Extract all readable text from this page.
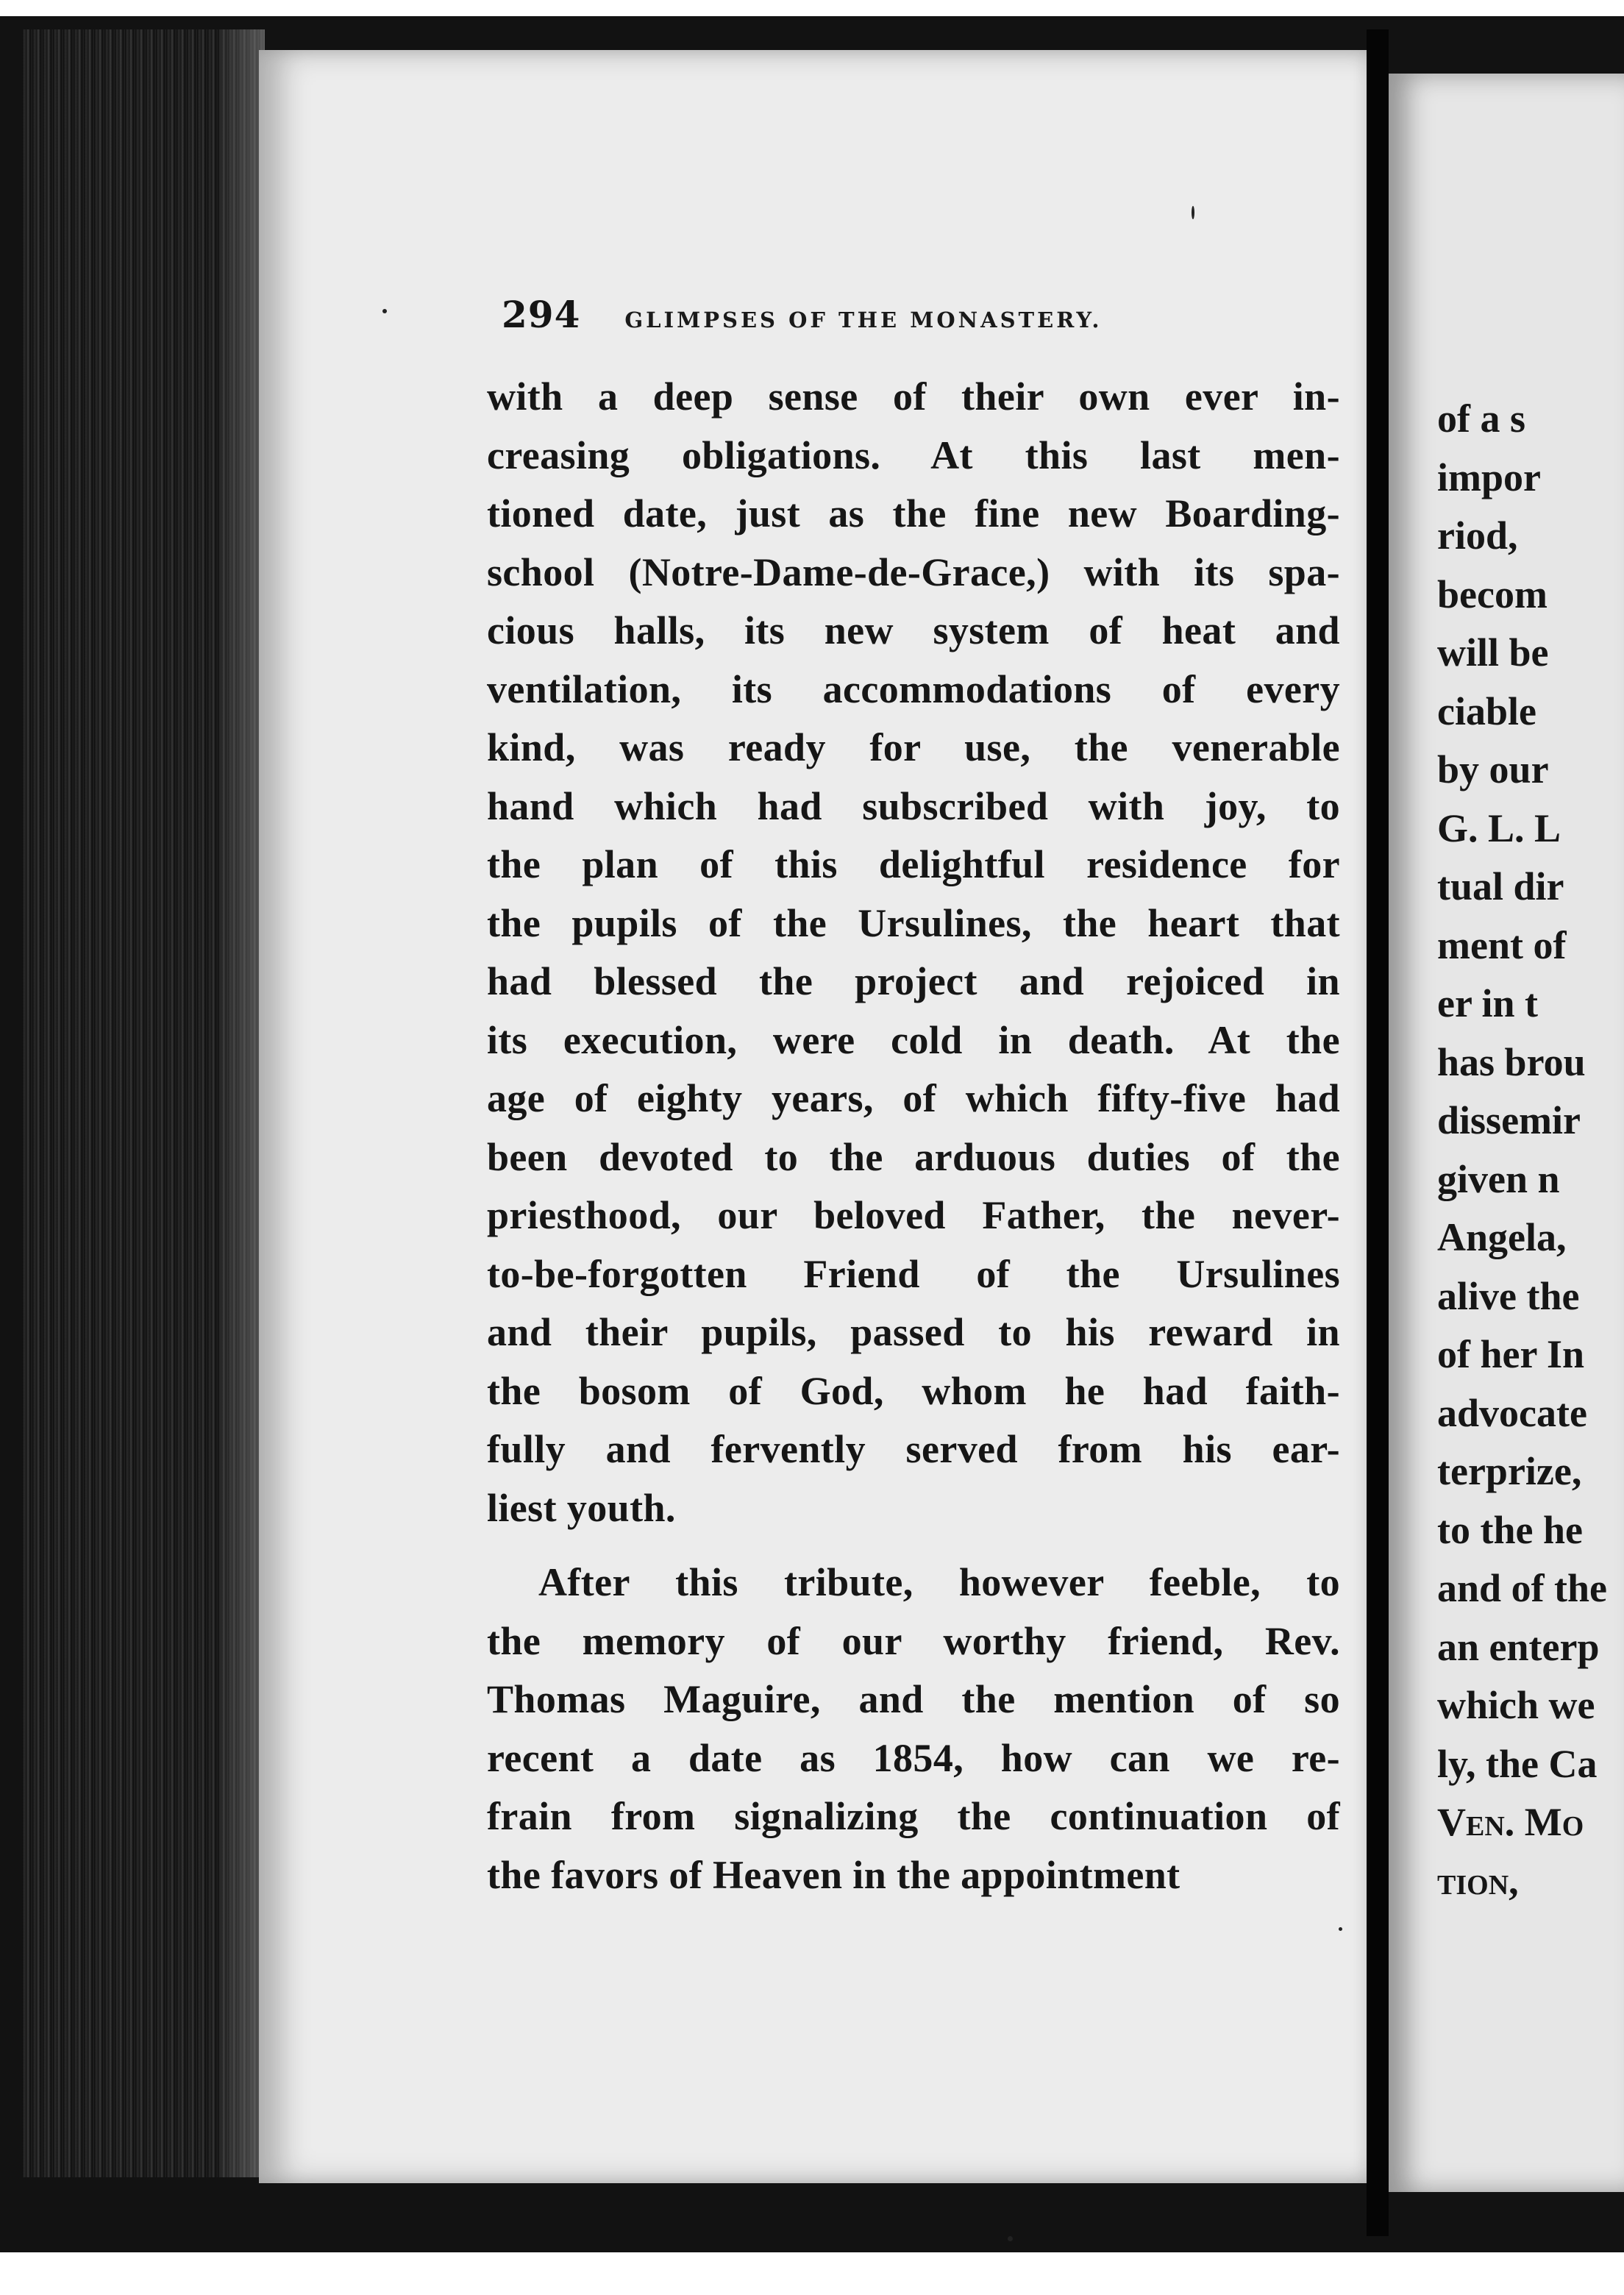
of a s
impor
riod,
becom
will be
ciable
by our
G. L. L
tual dir
ment of
er in t
has brou
dissemir
given n
Angela,
alive the
of her In
advocate
terprize,
to the he
and of the
an enterp
which we
ly, the Ca
Ven. Mo
tion,
294 GLIMPSES OF THE MONASTERY.
with a deep sense of their own ever in-
creasing obligations. At this last men-
tioned date, just as the fine new Boarding-
school (Notre-Dame-de-Grace,) with its spa-
cious halls, its new system of heat and
ventilation, its accommodations of every
kind, was ready for use, the venerable
hand which had subscribed with joy, to
the plan of this delightful residence for
the pupils of the Ursulines, the heart that
had blessed the project and rejoiced in
its execution, were cold in death. At the
age of eighty years, of which fifty-five had
been devoted to the arduous duties of the
priesthood, our beloved Father, the never-
to-be-forgotten Friend of the Ursulines
and their pupils, passed to his reward in
the bosom of God, whom he had faith-
fully and fervently served from his ear-
liest youth.
After this tribute, however feeble, to
the memory of our worthy friend, Rev.
Thomas Maguire, and the mention of so
recent a date as 1854, how can we re-
frain from signalizing the continuation of
the favors of Heaven in the appointment
